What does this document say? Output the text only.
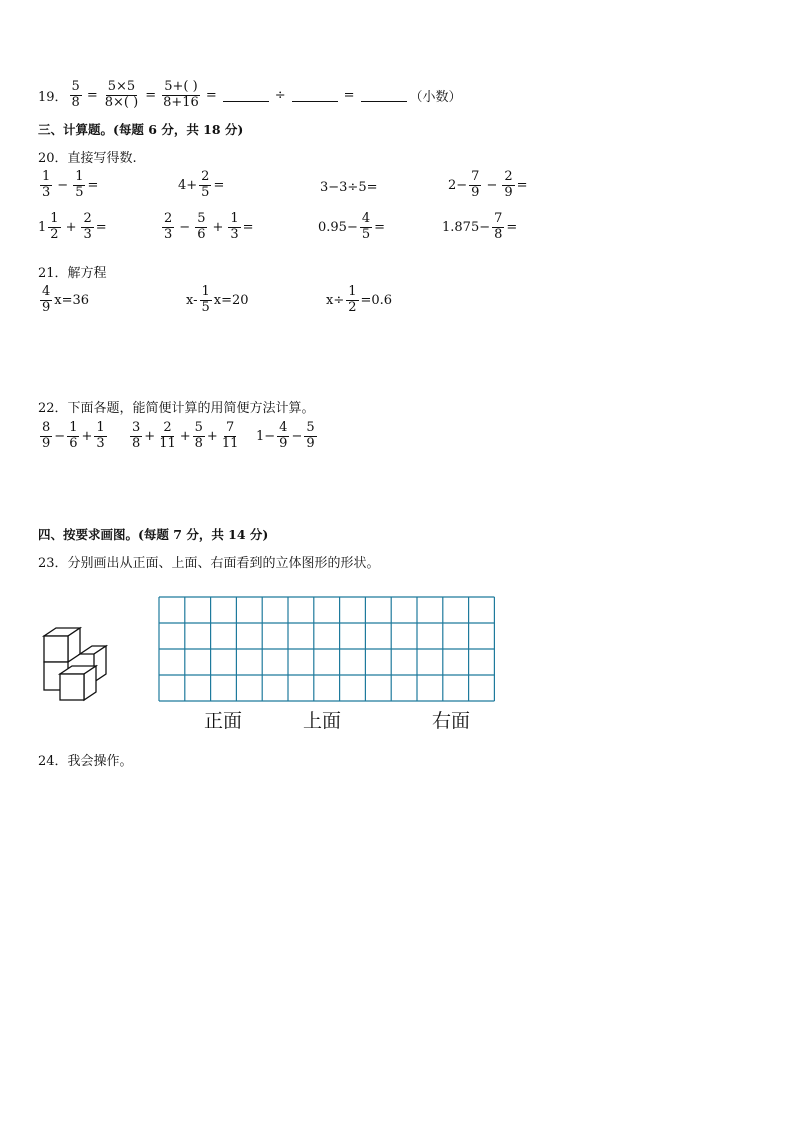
19． $\frac{5}{8} = \frac{5\times 5}{8\times( )} = \frac{5+( )}{8+16}$ =	÷	=	（小数）
三、计算题。(每题 6 分，共 18 分)
20．直接写得数.
$\frac{1}{3} - \frac{1}{5}$ =	$4+ \frac{2}{5}$ =	3−3÷5=	$2- \frac{7}{9} - \frac{2}{9}$ =
$1 \frac{1}{2} + \frac{2}{3}$ =	$\frac{2}{3} - \frac{5}{6} + \frac{1}{3}$ =	$0.95- \frac{4}{5}$ =	$1.875- \frac{7}{8}$ =
21．解方程
$\frac{4}{9} x=36$	$x- \frac{1}{5} x=20$	$x\div \frac{1}{2} =0.6$
22．下面各题，能简便计算的用简便方法计算。
$\frac{8}{9} - \frac{1}{6} + \frac{1}{3} \frac{3}{8} + \frac{2}{11} + \frac{5}{8} + \frac{7}{11} 1- \frac{4}{9} - \frac{5}{9}$
四、按要求画图。(每题 7 分，共 14 分)
23．分别画出从正面、上面、右面看到的立体图形的形状。
正面	上面	右面
24．我会操作。
